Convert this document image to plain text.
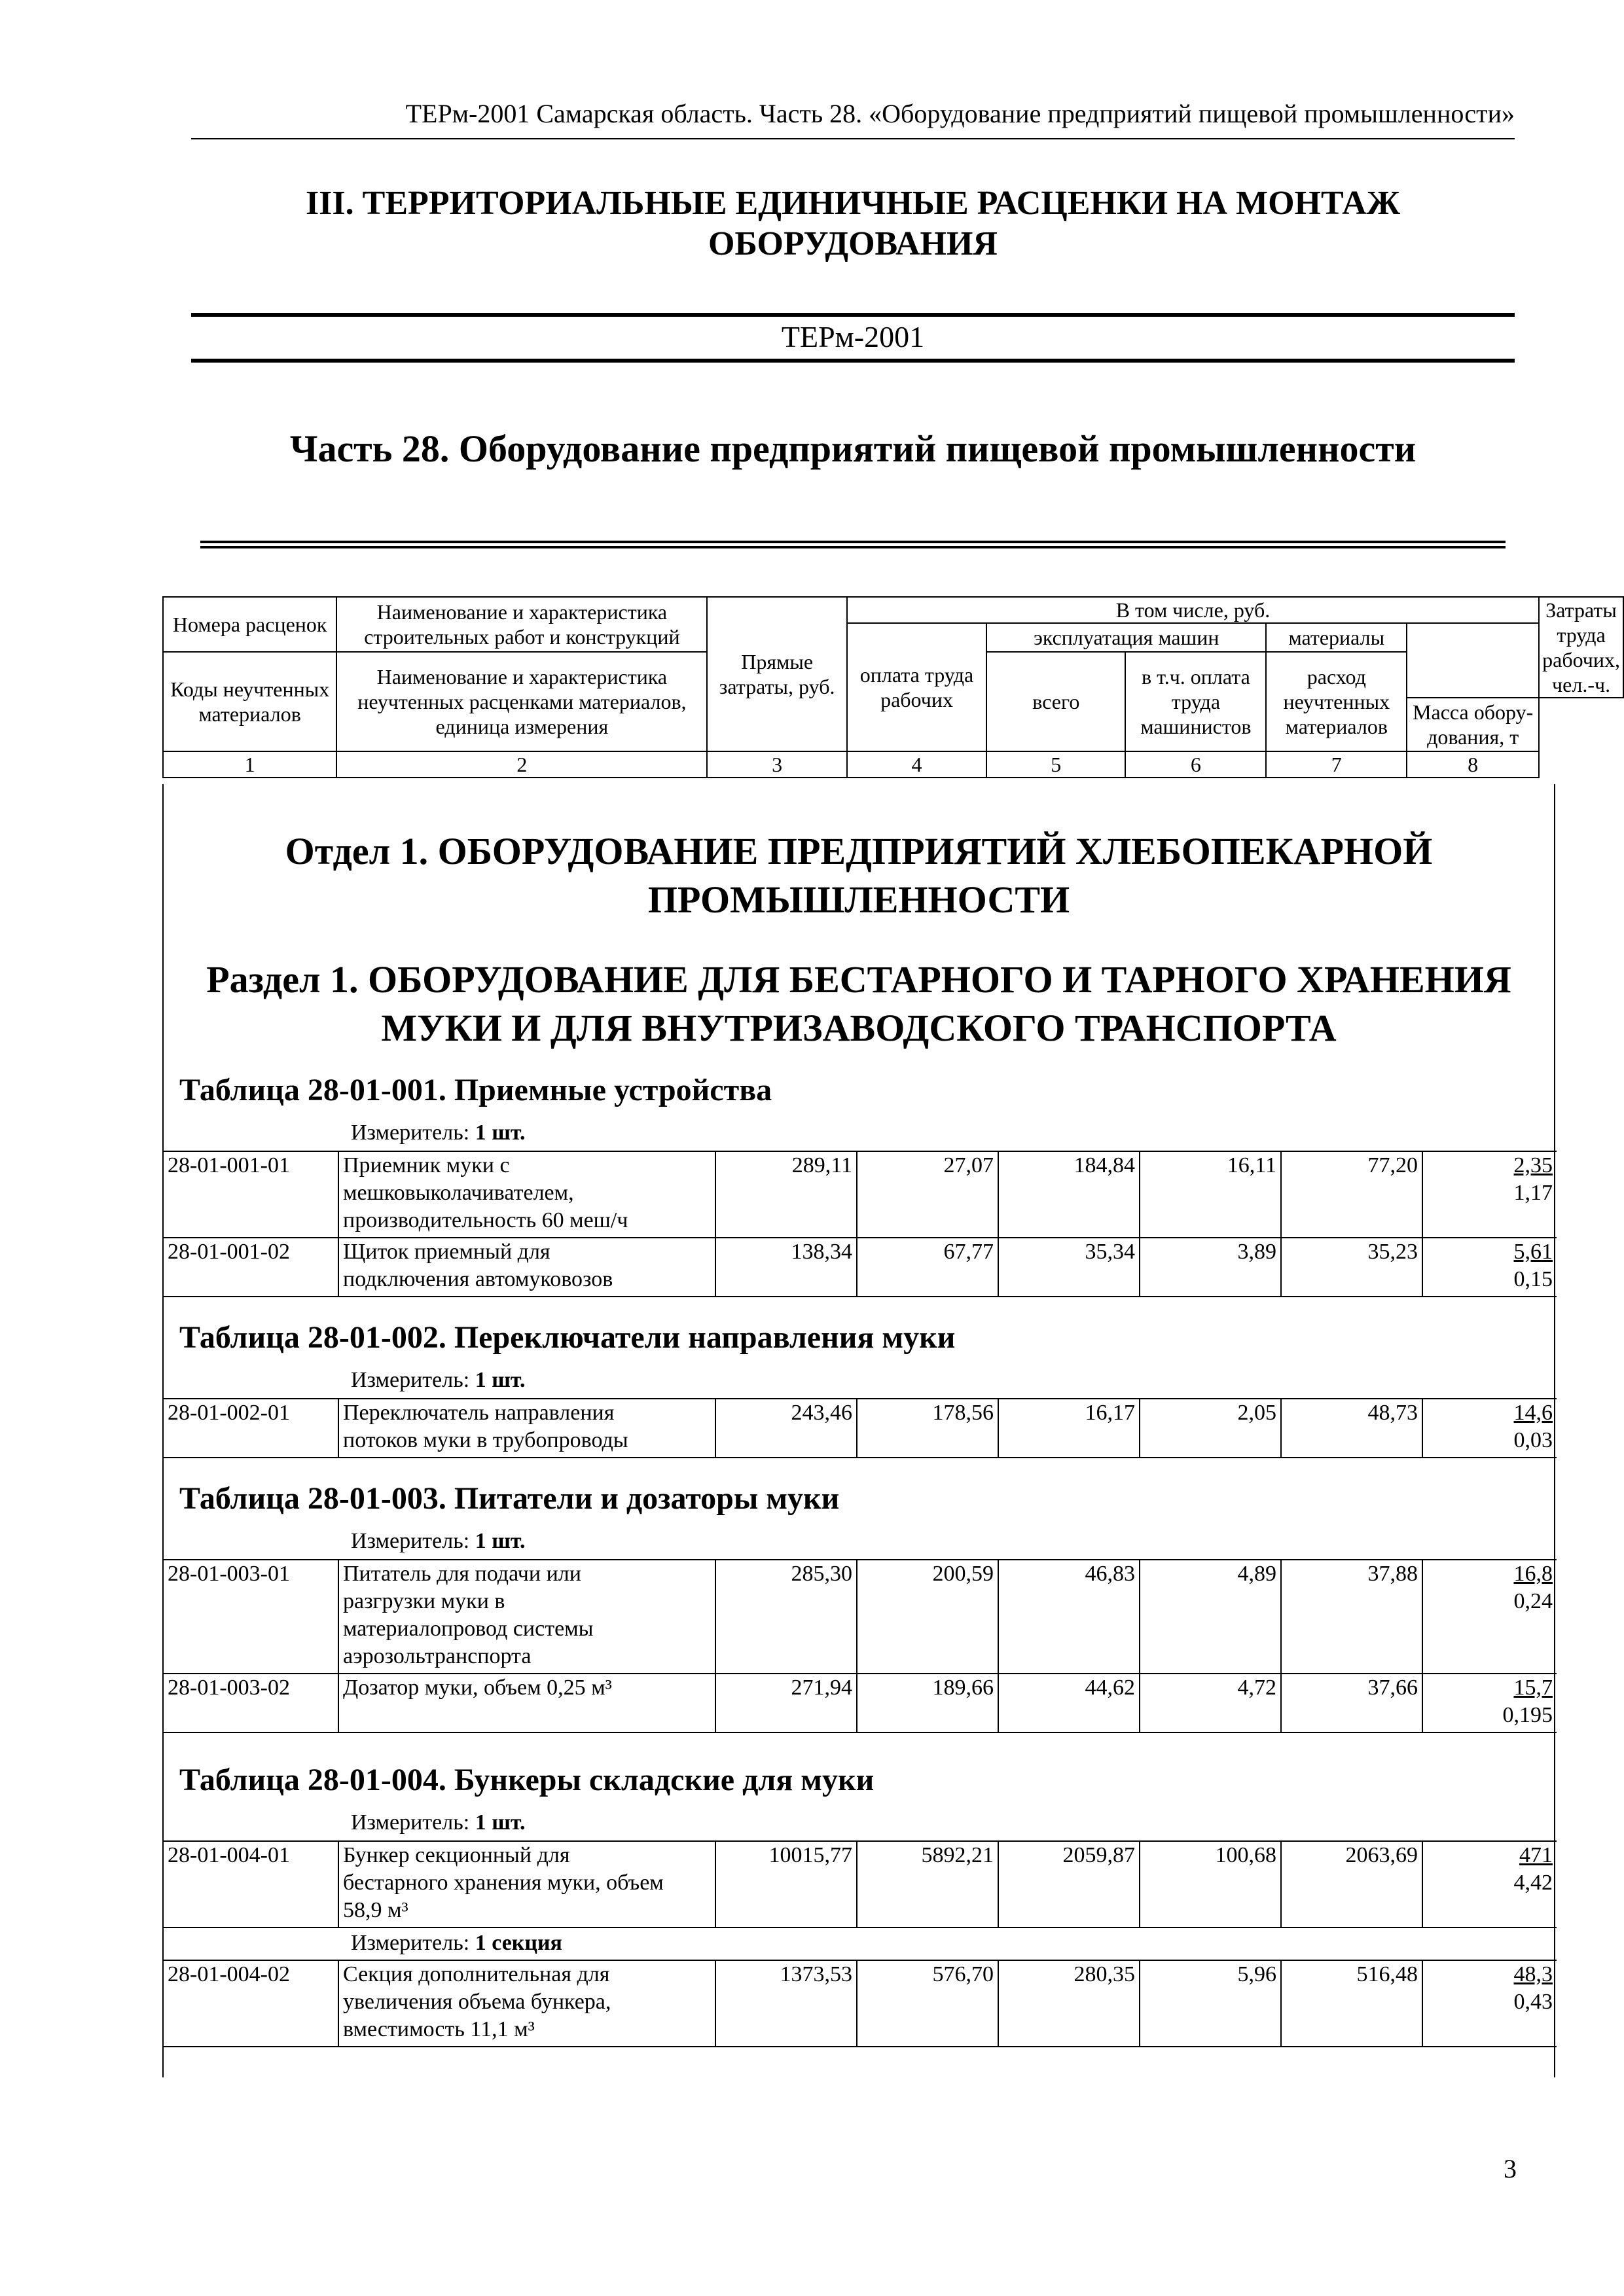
ТЕРм-2001 Самарская область. Часть 28. «Оборудование предприятий пищевой промышленности»
III. ТЕРРИТОРИАЛЬНЫЕ ЕДИНИЧНЫЕ РАСЦЕНКИ НА МОНТАЖ
ОБОРУДОВАНИЯ
ТЕРм-2001
Часть 28. Оборудование предприятий пищевой промышленности
Номера расценок	Наименование и характеристика строительных работ и конструкций	Прямые затраты, руб.	В том числе, руб.					Затраты труда рабочих, чел.-ч.
			оплата труда рабочих	эксплуатация машин		материалы		
Коды неучтенных материалов	Наименование и характеристика неучтенных расценками материалов, единица измерения			всего	в т.ч. оплата труда машинистов	расход неучтенных материалов		
							Масса обору-дования, т	
1	2	3	4	5	6	7	8	
Отдел 1. ОБОРУДОВАНИЕ ПРЕДПРИЯТИЙ ХЛЕБОПЕКАРНОЙ
ПРОМЫШЛЕННОСТИ
Раздел 1. ОБОРУДОВАНИЕ ДЛЯ БЕСТАРНОГО И ТАРНОГО ХРАНЕНИЯ
МУКИ И ДЛЯ ВНУТРИЗАВОДСКОГО ТРАНСПОРТА
Таблица 28-01-001. Приемные устройства
Измеритель: 1 шт.
28-01-001-01	Приемник муки с
мешковыколачивателем,
производительность 60 меш/ч
289,11	27,07	184,84	16,11	77,20	2,35
1,17
28-01-001-02	Щиток приемный для
подключения автомуковозов
138,34	67,77	35,34	3,89	35,23	5,61
0,15
Таблица 28-01-002. Переключатели направления муки
Измеритель: 1 шт.
28-01-002-01	Переключатель направления
потоков муки в трубопроводы
243,46	178,56	16,17	2,05	48,73	14,6
0,03
Таблица 28-01-003. Питатели и дозаторы муки
Измеритель: 1 шт.
28-01-003-01	Питатель для подачи или
разгрузки муки в
материалопровод системы
аэрозольтранспорта
285,30	200,59	46,83	4,89	37,88	16,8
0,24
28-01-003-02	Дозатор муки, объем 0,25 м³	271,94	189,66	44,62	4,72	37,66	15,7
0,195
Таблица 28-01-004. Бункеры складские для муки
Измеритель: 1 шт.
28-01-004-01	Бункер секционный для
бестарного хранения муки, объем
58,9 м³
10015,77	5892,21	2059,87	100,68	2063,69	471
4,42
Измеритель: 1 секция
28-01-004-02	Секция дополнительная для
увеличения объема бункера,
вместимость 11,1 м³
1373,53	576,70	280,35	5,96	516,48	48,3
0,43
3
